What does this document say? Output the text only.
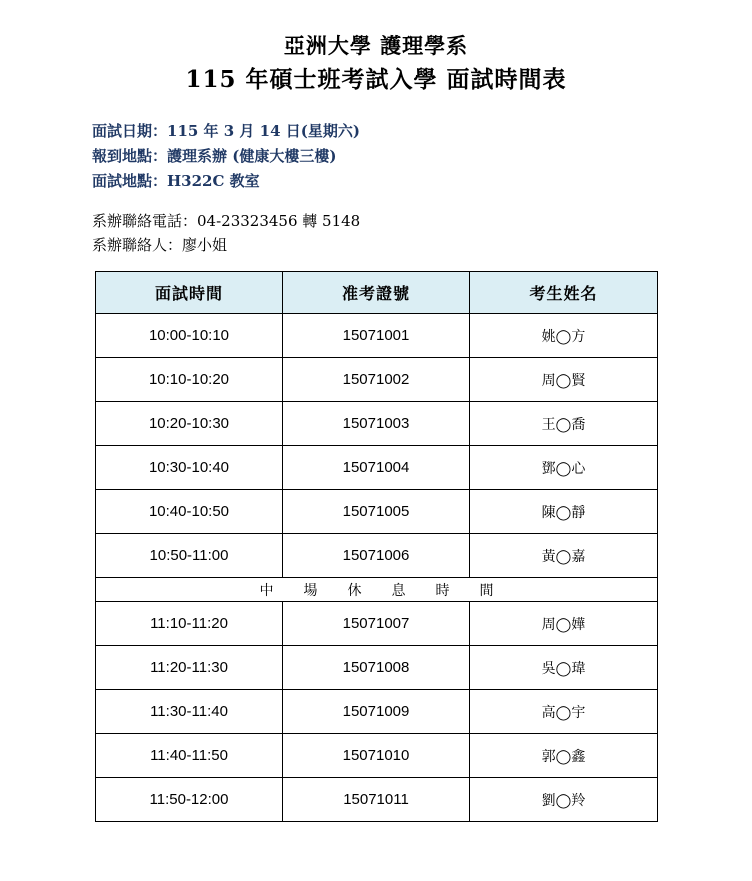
亞洲大學 護理學系
115 年碩士班考試入學 面試時間表
面試日期：115 年 3 月 14 日(星期六)
報到地點：護理系辦 (健康大樓三樓)
面試地點：H322C 教室
系辦聯絡電話：04-23323456 轉 5148
系辦聯絡人：廖小姐
面試時間	准考證號	考生姓名
10:00-10:10	15071001	姚◯方
10:10-10:20	15071002	周◯賢
10:20-10:30	15071003	王◯喬
10:30-10:40	15071004	鄧◯心
10:40-10:50	15071005	陳◯靜
10:50-11:00	15071006	黃◯嘉
中場休息時間		
11:10-11:20	15071007	周◯嬅
11:20-11:30	15071008	吳◯瑋
11:30-11:40	15071009	高◯宇
11:40-11:50	15071010	郭◯鑫
11:50-12:00	15071011	劉◯羚
